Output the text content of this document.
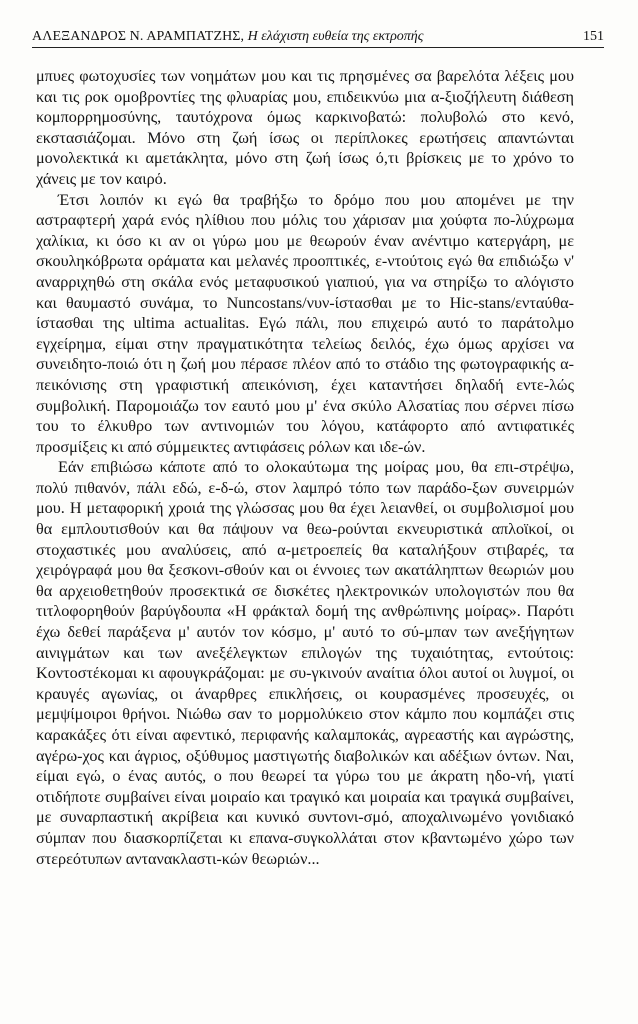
ΑΛΕΞΑΝΔΡΟΣ Ν. ΑΡΑΜΠΑΤΖΗΣ, Η ελάχιστη ευθεία της εκτροπής	151

μπυες φωτοχυσίες των νοημάτων μου και τις πρησμένες σα βαρελότα λέξεις μου και τις ροκ ομοβροντίες της φλυαρίας μου, επιδεικνύω μια α-ξιοζήλευτη διάθεση κομπορρημοσύνης, ταυτόχρονα όμως καρκινοβατώ: πολυβολώ στο κενό, εκστασιάζομαι. Μόνο στη ζωή ίσως οι περίπλοκες ερωτήσεις απαντώνται μονολεκτικά κι αμετάκλητα, μόνο στη ζωή ίσως ό,τι βρίσκεις με το χρόνο το χάνεις με τον καιρό.

Έτσι λοιπόν κι εγώ θα τραβήξω το δρόμο που μου απομένει με την αστραφτερή χαρά ενός ηλίθιου που μόλις του χάρισαν μια χούφτα πο-λύχρωμα χαλίκια, κι όσο κι αν οι γύρω μου με θεωρούν έναν ανέντιμο κατεργάρη, με σκουληκόβρωτα οράματα και μελανές προοπτικές, ε-ντούτοις εγώ θα επιδιώξω ν' αναρριχηθώ στη σκάλα ενός μεταφυσικού γιαπιού, για να στηρίξω το αλόγιστο και θαυμαστό συνάμα, το Nuncostans/νυν-ίστασθαι με το Hic-stans/ενταύθα-ίστασθαι της ultima actualitas. Εγώ πάλι, που επιχειρώ αυτό το παράτολμο εγχείρημα, είμαι στην πραγματικότητα τελείως δειλός, έχω όμως αρχίσει να συνειδητο-ποιώ ότι η ζωή μου πέρασε πλέον από το στάδιο της φωτογραφικής α-πεικόνισης στη γραφιστική απεικόνιση, έχει καταντήσει δηλαδή εντε-λώς συμβολική. Παρομοιάζω τον εαυτό μου μ' ένα σκύλο Αλσατίας που σέρνει πίσω του το έλκυθρο των αντινομιών του λόγου, κατάφορτο από αντιφατικές προσμίξεις κι από σύμμεικτες αντιφάσεις ρόλων και ιδε-ών.

Εάν επιβιώσω κάποτε από το ολοκαύτωμα της μοίρας μου, θα επι-στρέψω, πολύ πιθανόν, πάλι εδώ, ε-δ-ώ, στον λαμπρό τόπο των παράδο-ξων συνειρμών μου. Η μεταφορική χροιά της γλώσσας μου θα έχει λειανθεί, οι συμβολισμοί μου θα εμπλουτισθούν και θα πάψουν να θεω-ρούνται εκνευριστικά απλοϊκοί, οι στοχαστικές μου αναλύσεις, από α-μετροεπείς θα καταλήξουν στιβαρές, τα χειρόγραφά μου θα ξεσκονι-σθούν και οι έννοιες των ακατάληπτων θεωριών μου θα αρχειοθετηθούν προσεκτικά σε δισκέτες ηλεκτρονικών υπολογιστών που θα τιτλοφορηθούν βαρύγδουπα «Η φράκταλ δομή της ανθρώπινης μοίρας». Παρότι έχω δεθεί παράξενα μ' αυτόν τον κόσμο, μ' αυτό το σύ-μπαν των ανεξήγητων αινιγμάτων και των ανεξέλεγκτων επιλογών της τυχαιότητας, εντούτοις: Κοντοστέκομαι κι αφουγκράζομαι: με συ-γκινούν αναίτια όλοι αυτοί οι λυγμοί, οι κραυγές αγωνίας, οι άναρθρες επικλήσεις, οι κουρασμένες προσευχές, οι μεμψίμοιροι θρήνοι. Νιώθω σαν το μορμολύκειο στον κάμπο που κομπάζει στις καρακάξες ότι είναι αφεντικό, περιφανής καλαμποκάς, αγρεαστής και αγρώστης, αγέρω-χος και άγριος, οξύθυμος μαστιγωτής διαβολικών και αδέξιων όντων. Ναι, είμαι εγώ, ο ένας αυτός, ο που θεωρεί τα γύρω του με άκρατη ηδο-νή, γιατί οτιδήποτε συμβαίνει είναι μοιραίο και τραγικό και μοιραία και τραγικά συμβαίνει, με συναρπαστική ακρίβεια και κυνικό συντονι-σμό, αποχαλινωμένο γονιδιακό σύμπαν που διασκορπίζεται κι επανα-συγκολλάται στον κβαντωμένο χώρο των στερεότυπων αντανακλαστι-κών θεωριών...
